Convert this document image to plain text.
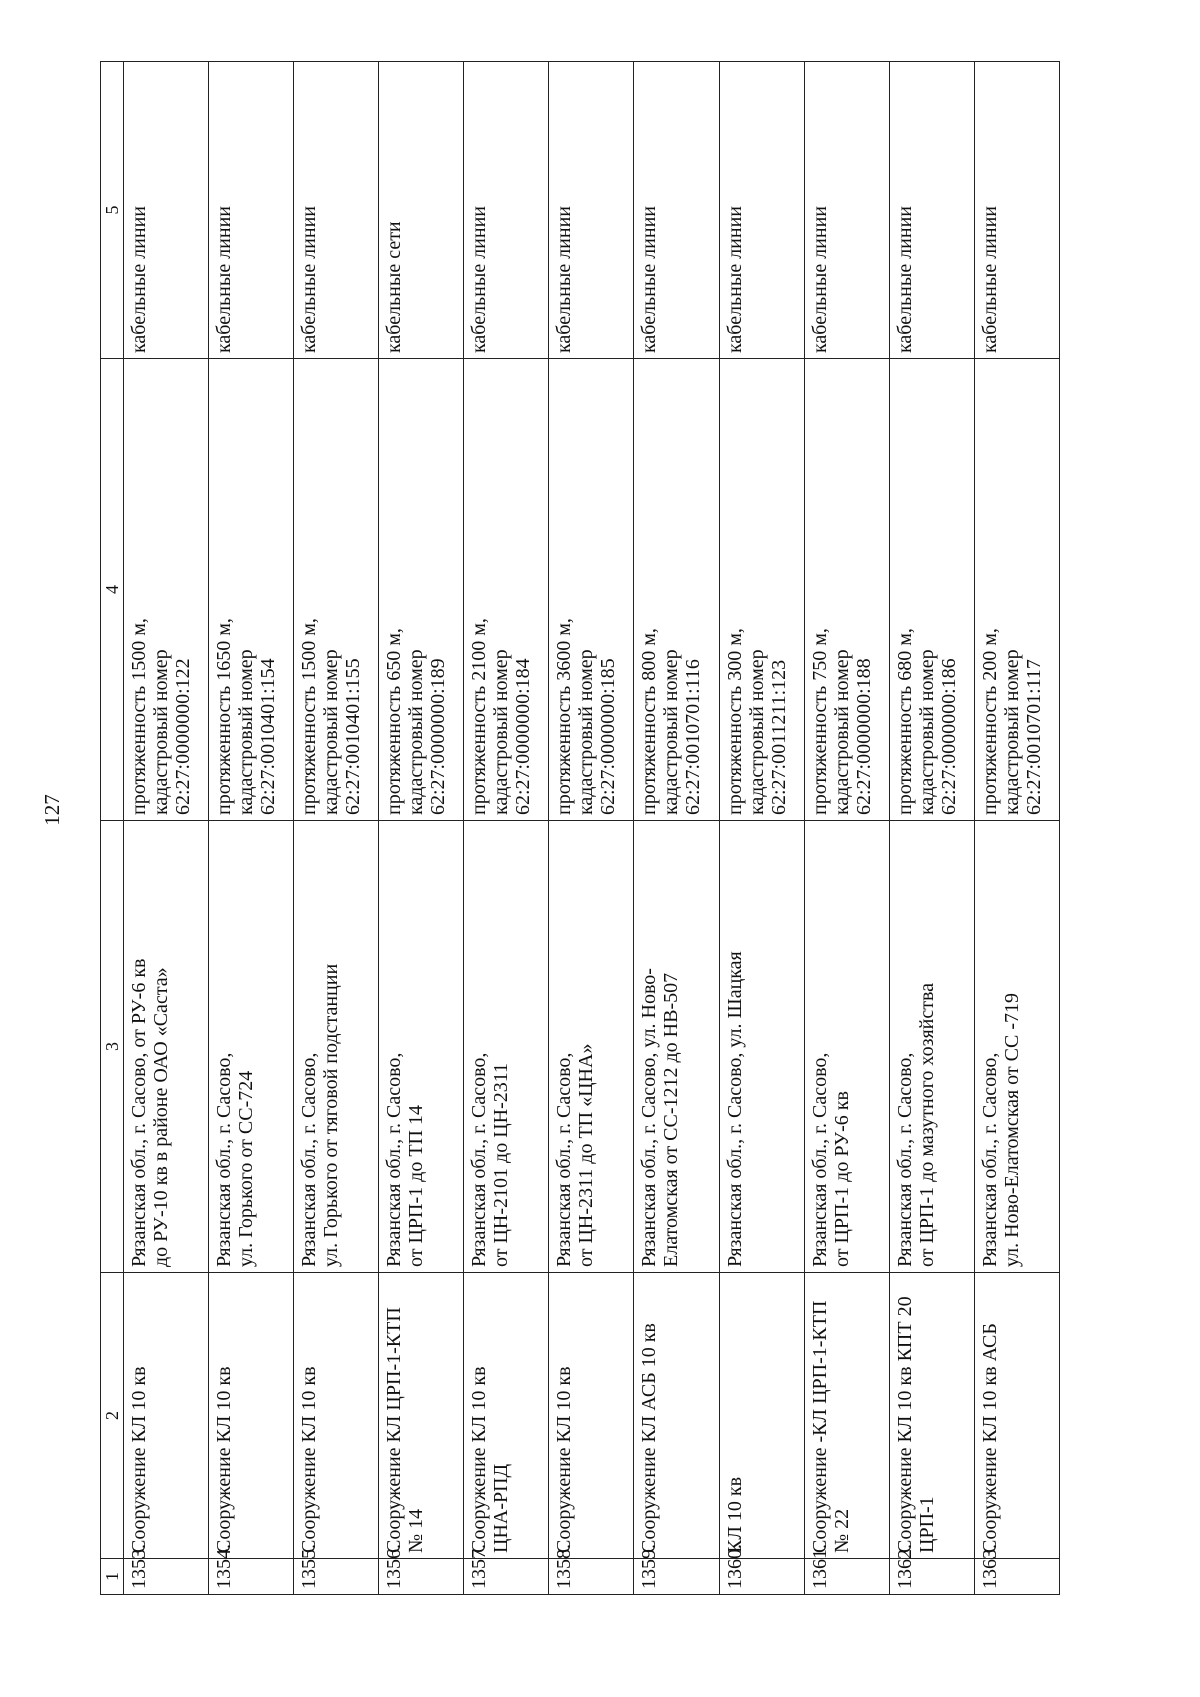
127
1	2	3	4	5
1353.	Сооружение КЛ 10 кв	Рязанская обл., г. Сасово, от РУ-6 кв
до РУ-10 кв в районе ОАО «Саста»	протяженность 1500 м,
кадастровый номер
62:27:0000000:122	кабельные линии
1354.	Сооружение КЛ 10 кв	Рязанская обл., г. Сасово,
ул. Горького от СС-724	протяженность 1650 м,
кадастровый номер
62:27:0010401:154	кабельные линии
1355.	Сооружение КЛ 10 кв	Рязанская обл., г. Сасово,
ул. Горького от тяговой подстанции	протяженность 1500 м,
кадастровый номер
62:27:0010401:155	кабельные линии
1356.	Сооружение КЛ ЦРП-1-КТП
№ 14	Рязанская обл., г. Сасово,
от ЦРП-1 до ТП 14	протяженность 650 м,
кадастровый номер
62:27:0000000:189	кабельные сети
1357.	Сооружение КЛ 10 кв
ЦНА-РПД	Рязанская обл., г. Сасово,
от ЦН-2101 до ЦН-2311	протяженность 2100 м,
кадастровый номер
62:27:0000000:184	кабельные линии
1358.	Сооружение КЛ 10 кв	Рязанская обл., г. Сасово,
от ЦН-2311 до ТП «ЦНА»	протяженность 3600 м,
кадастровый номер
62:27:0000000:185	кабельные линии
1359.	Сооружение КЛ АСБ 10 кв	Рязанская обл., г. Сасово, ул. Ново-
Елатомская от СС-1212 до НВ-507	протяженность 800 м,
кадастровый номер
62:27:0010701:116	кабельные линии
1360.	КЛ 10 кв	Рязанская обл., г. Сасово, ул. Шацкая	протяженность 300 м,
кадастровый номер
62:27:0011211:123	кабельные линии
1361.	Сооружение -КЛ ЦРП-1-КТП
№ 22	Рязанская обл., г. Сасово,
от ЦРП-1 до РУ-6 кв	протяженность 750 м,
кадастровый номер
62:27:0000000:188	кабельные линии
1362.	Сооружение КЛ 10 кв КПТ 20
ЦРП-1	Рязанская обл., г. Сасово,
от ЦРП-1 до мазутного хозяйства	протяженность 680 м,
кадастровый номер
62:27:0000000:186	кабельные линии
1363.	Сооружение КЛ 10 кв АСБ	Рязанская обл., г. Сасово,
ул. Ново-Елатомская от СС -719	протяженность 200 м,
кадастровый номер
62:27:0010701:117	кабельные линии
